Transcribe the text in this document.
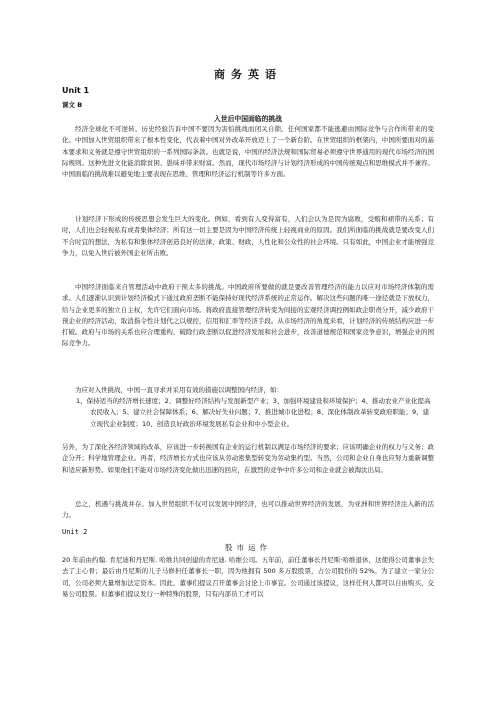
商务英语
Unit 1
课文 B
入世后中国面临的挑战

经济全球化不可逆转。历史经验告诉中国不要因为害怕挑战而闭关自锁。任何国家都不能逃避由国际竞争与合作所带来的变化。中国加入世贸组织带来了根本性变化，代表着中国对外改革开放迈上了一个新台阶。在世贸组织的框架内，中国所要面对的基本要求和义务就是遵守世贸组织的一系列国际条款。也就是说，中国的经济法规和国际贸易必须遵守世界通用的现代市场经济的国际规则。这种先进文化能消除贫困、愚昧并带来财富。然而，现代市场经济与计划经济形成的中国传统观点和思维模式并不兼容。中国面临的挑战难以避免地主要表现在思维、管理和经济运行机制等许多方面。

计划经济下形成的传统思想会发生巨大的变化。例如，看到有人变得富有，人们会认为是因为腐败，受贿和裙带的关系；有时，人们也会轻视私有或者集体经济；所有这一切主要是因为中国经济传统上轻视商业的原因。我们所面临的挑战就是要改变人们不合时宜的想法，为私有和集体经济创造良好的法律、政策、财政、人性化和公众性的社会环境。只有如此，中国企业才能增强竞争力，以免入世后被外国企业所击败。

中国经济面临来自管理活动中政府干预太多的挑战。中国政府所要做的就是要改善管理经济的能力以应对市场经济体制的需求。人们逐渐认识到计划经济模式下通过政府垄断不能保持好现代经济系统的正常运作。解决这些问题的唯一途径就是下放权力，给与企业更多的独立自主权，允许它们面向市场。将政府直接管理经济转变为间接的宏观经济调控例如政企职责分开，减少政府干预企业的经济活动，取消指令性计划代之以规控，信用和汇率等经济手段。从市场经济的角度来看，计划经济的传统结构应进一步打破。政府与市场的关系也应合理重构，破除行政垄断以促进经济发展和社会进步，改善道德规范和国家竞争意识，增强企业的国际竞争力。

为应对入世挑战，中国一直寻求并采用有效的措施以调整国内经济，如：

1、保持适当的经济增长速度；2、调整好经济结构与发展新型产业；3、加强环境建设和环境保护；4、推动农业产业化提高农民收入；5、建立社会保障体系；6、解决好失业问题；7、推进城市化进程；8、深化体制改革转变政府职能；9、建立现代企业制度；10、创造良好政治环境发展私有企业和中小型企业。

另外，为了深化各经济领域的改革，应该进一步转换国有企业的运行机制以满足市场经济的要求；应该明确企业的权力与义务；政企分开；科学地管理企业。再者，经济增长方式也应该从劳动密集型转变为劳动集约型。当然，公司和企业自身也应努力重新调整和适应新形势。如果他们不能对市场经济变化做出迅速的回应，在激烈的竞争中许多公司和企业就会被淘汰出局。

总之，机遇与挑战并存。加入世贸组织不仅可以发展中国经济，也可以推动世界经济的发展，为亚洲和世界经济注入新的活力。

Unit 2
股市运作

20 年前由约翰. 肯尼迪和丹尼斯. 哈维共同创建的肯尼迪. 哈维公司。五年前，前任董事长丹尼斯·哈维退休，这使得公司董事会失去了主心骨；最后由丹尼斯的儿子马修担任董事长一职，因为他拥有 500 多万股股票，占公司股份的 52%。为了建立一家分公司，公司必须大量增加法定资本。因此，董事们提议召开董事会讨论上市事宜。公司通过该提议，这样任何人都可以自由购买、交易公司股票。但董事们提议发行一种特殊的股票，只有内部员工才可以
